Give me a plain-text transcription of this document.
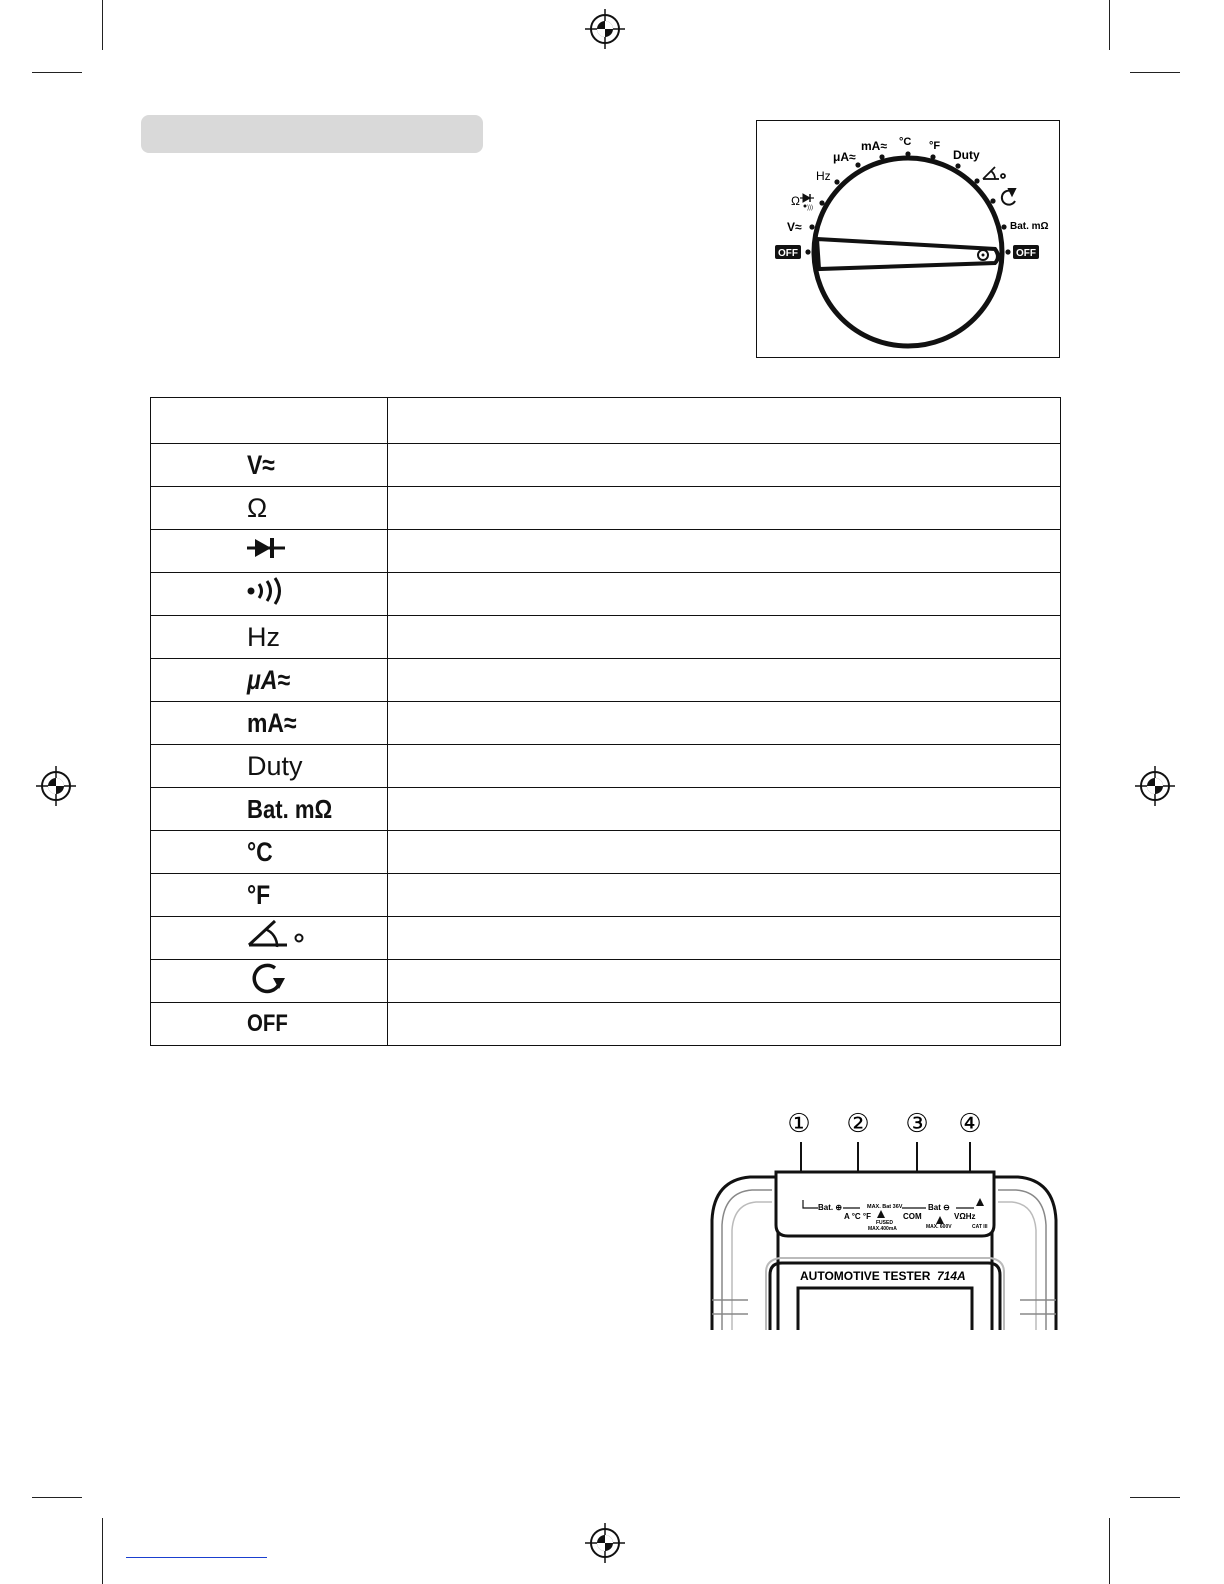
OFF	OFF
V≈
Ω )))
Hz
μA≈
mA≈ °C °F
Duty
Bat. mΩ

V≈	
Ω	

Hz	
μA≈	
mA≈	
Duty	
Bat. mΩ	
°C	
°F	

OFF	
① ② ③ ④
Bat. ⊕	MAX. Bat 36V	Bat ⊖
A °C °F	COM	VΩHz
FUSED
MAX.400mA	MAX. 600V	CAT III
AUTOMOTIVE TESTER 714A
